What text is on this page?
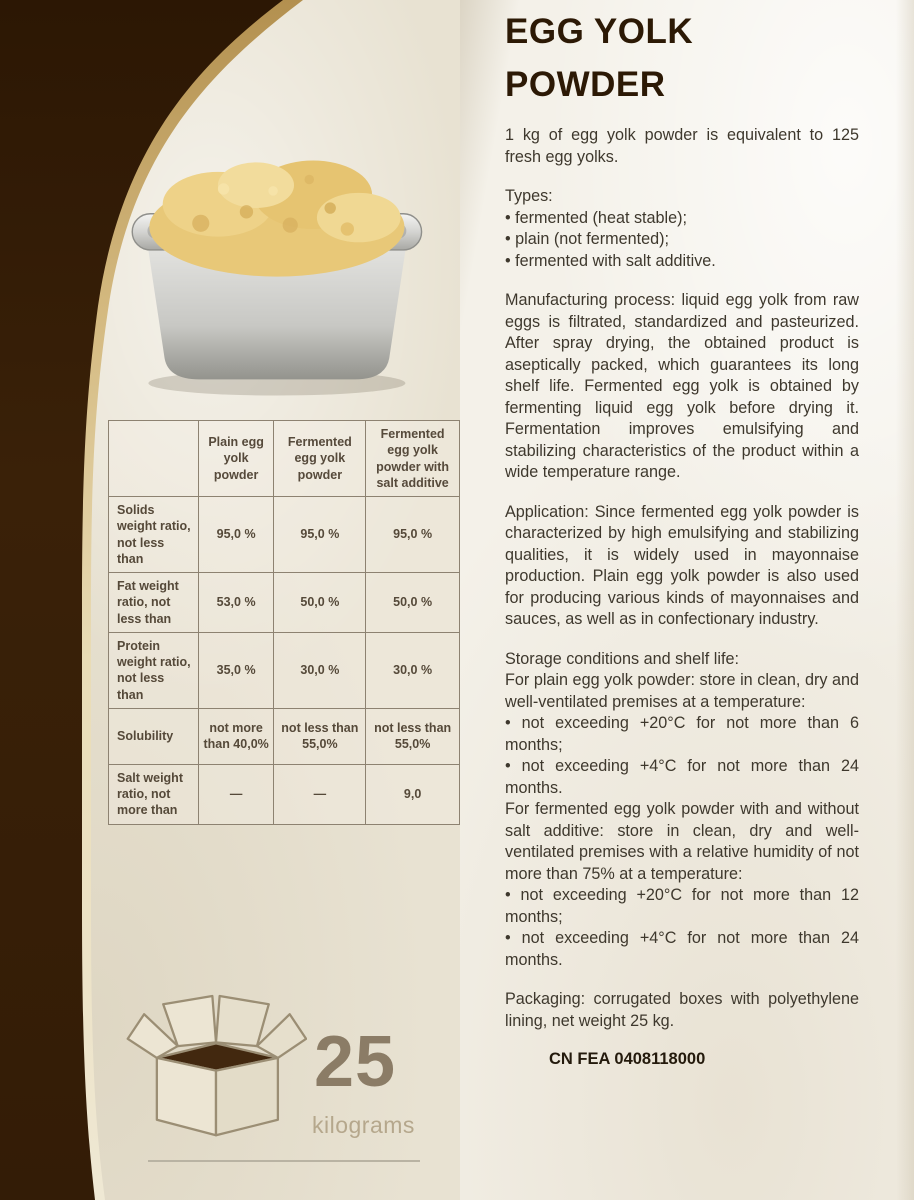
	Plain egg yolk powder	Fermented egg yolk powder	Fermented egg yolk powder with salt additive
Solids weight ratio, not less than	95,0 %	95,0 %	95,0 %
Fat weight ratio, not less than	53,0 %	50,0 %	50,0 %
Protein weight ratio, not less than	35,0 %	30,0 %	30,0 %
Solubility	not more than 40,0%	not less than 55,0%	not less than 55,0%
Salt weight ratio, not more than	—	—	9,0
25
kilograms
EGG YOLK POWDER

1 kg of egg yolk powder is equivalent to 125 fresh egg yolks.

Types:
• fermented (heat stable);
• plain (not fermented);
• fermented with salt additive.

Manufacturing process: liquid egg yolk from raw eggs is filtrated, standardized and pasteurized. After spray drying, the obtained product is aseptically packed, which guarantees its long shelf life. Fermented egg yolk is obtained by fermenting liquid egg yolk before drying it. Fermentation improves emulsifying and stabilizing characteristics of the product within a wide temperature range.

Application: Since fermented egg yolk powder is characterized by high emulsifying and stabilizing qualities, it is widely used in mayonnaise production. Plain egg yolk powder is also used for producing various kinds of mayonnaises and sauces, as well as in confectionary industry.

Storage conditions and shelf life:
For plain egg yolk powder: store in clean, dry and well-ventilated premises at a temperature:
• not exceeding +20°C for not more than 6 months;
• not exceeding +4°C for not more than 24 months.
For fermented egg yolk powder with and without salt additive: store in clean, dry and well-ventilated premises with a relative humidity of not more than 75% at a temperature:
• not exceeding +20°C for not more than 12 months;
• not exceeding +4°C for not more than 24 months.

Packaging: corrugated boxes with polyethylene lining, net weight 25 kg.

CN FEA 0408118000
